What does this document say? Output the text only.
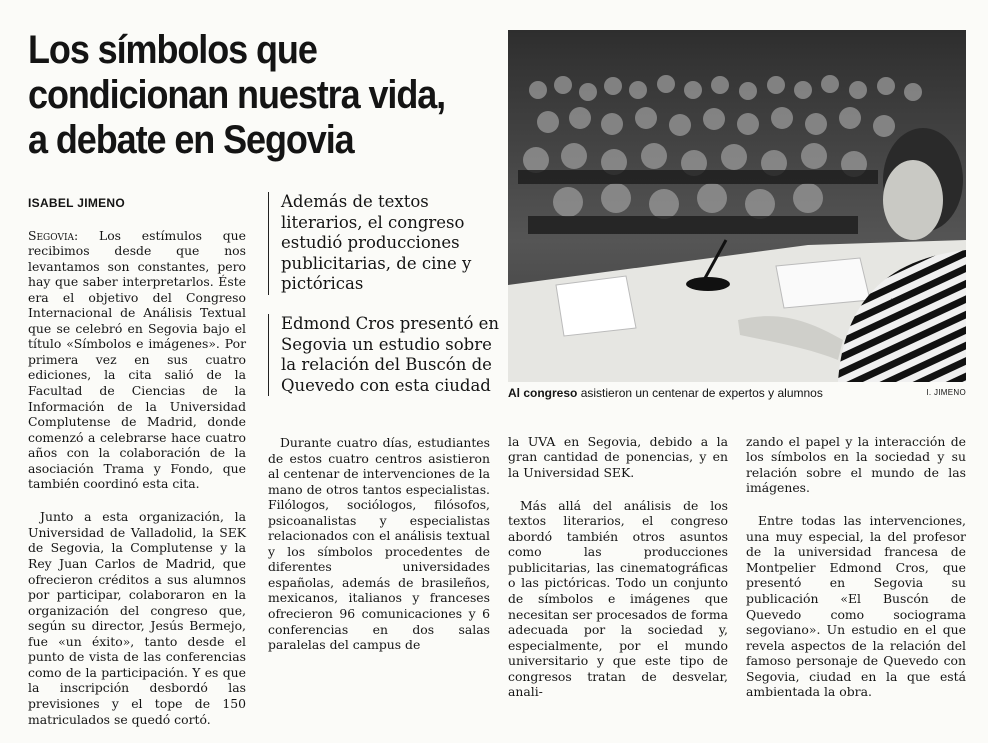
Los símbolos que
condicionan nuestra vida,
a debate en Segovia
ISABEL JIMENO

Segovia: Los estímulos que recibimos desde que nos levantamos son constantes, pero hay que saber interpretarlos. Éste era el objetivo del Congreso Internacional de Análisis Textual que se celebró en Segovia bajo el título «Símbolos e imágenes». Por primera vez en sus cuatro ediciones, la cita salió de la Facultad de Ciencias de la Información de la Universidad Complutense de Madrid, donde comenzó a celebrarse hace cuatro años con la colaboración de la asociación Trama y Fondo, que también coordinó esta cita.

Junto a esta organización, la Universidad de Valladolid, la SEK de Segovia, la Complutense y la Rey Juan Carlos de Madrid, que ofrecieron créditos a sus alumnos por participar, colaboraron en la organización del congreso que, según su director, Jesús Bermejo, fue «un éxito», tanto desde el punto de vista de las conferencias como de la participación. Y es que la inscripción desbordó las previsiones y el tope de 150 matriculados se quedó cortó.

Además de textos literarios, el congreso estudió producciones publicitarias, de cine y pictóricas

Edmond Cros presentó en Segovia un estudio sobre la relación del Buscón de Quevedo con esta ciudad

Durante cuatro días, estudiantes de estos cuatro centros asistieron al centenar de intervenciones de la mano de otros tantos especialistas. Filólogos, sociólogos, filósofos, psicoanalistas y especialistas relacionados con el análisis textual y los símbolos procedentes de diferentes universidades españolas, además de brasileños, mexicanos, italianos y franceses ofrecieron 96 comunicaciones y 6 conferencias en dos salas paralelas del campus de

la UVA en Segovia, debido a la gran cantidad de ponencias, y en la Universidad SEK.

Más allá del análisis de los textos literarios, el congreso abordó también otros asuntos como las producciones publicitarias, las cinematográficas o las pictóricas. Todo un conjunto de símbolos e imágenes que necesitan ser procesados de forma adecuada por la sociedad y, especialmente, por el mundo universitario y que este tipo de congresos tratan de desvelar, anali-

zando el papel y la interacción de los símbolos en la sociedad y su relación sobre el mundo de las imágenes.

Entre todas las intervenciones, una muy especial, la del profesor de la universidad francesa de Montpelier Edmond Cros, que presentó en Segovia su publicación «El Buscón de Quevedo como sociograma segoviano». Un estudio en el que revela aspectos de la relación del famoso personaje de Quevedo con Segovia, ciudad en la que está ambientada la obra.

Al congreso asistieron un centenar de expertos y alumnos	I. JIMENO
